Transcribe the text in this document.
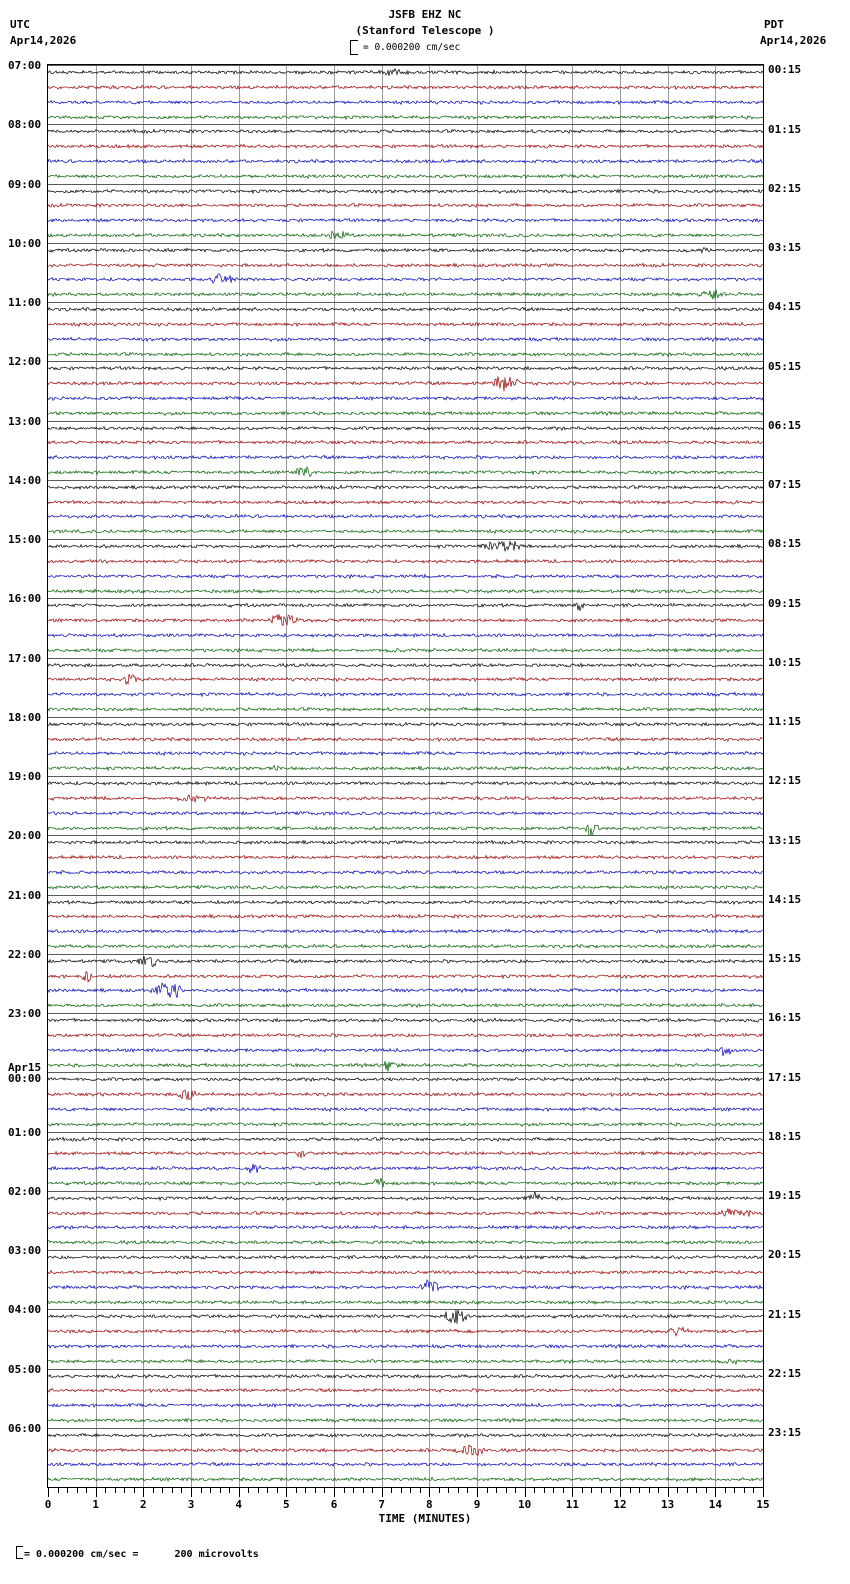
UTC
Apr14,2026
PDT
Apr14,2026
JSFB EHZ NC
(Stanford Telescope )
= 0.000200 cm/sec
0	1	2	3	4	5	6	7	8	9	10	11	12	13	14	15
TIME (MINUTES)
= 0.000200 cm/sec =      200 microvolts
07:00
08:00
09:00
10:00
11:00
12:00
13:00
14:00
15:00
16:00
17:00
18:00
19:00
20:00
21:00
22:00
23:00
Apr15
00:00
01:00
02:00
03:00
04:00
05:00
06:00
00:15
01:15
02:15
03:15
04:15
05:15
06:15
07:15
08:15
09:15
10:15
11:15
12:15
13:15
14:15
15:15
16:15
17:15
18:15
19:15
20:15
21:15
22:15
23:15
